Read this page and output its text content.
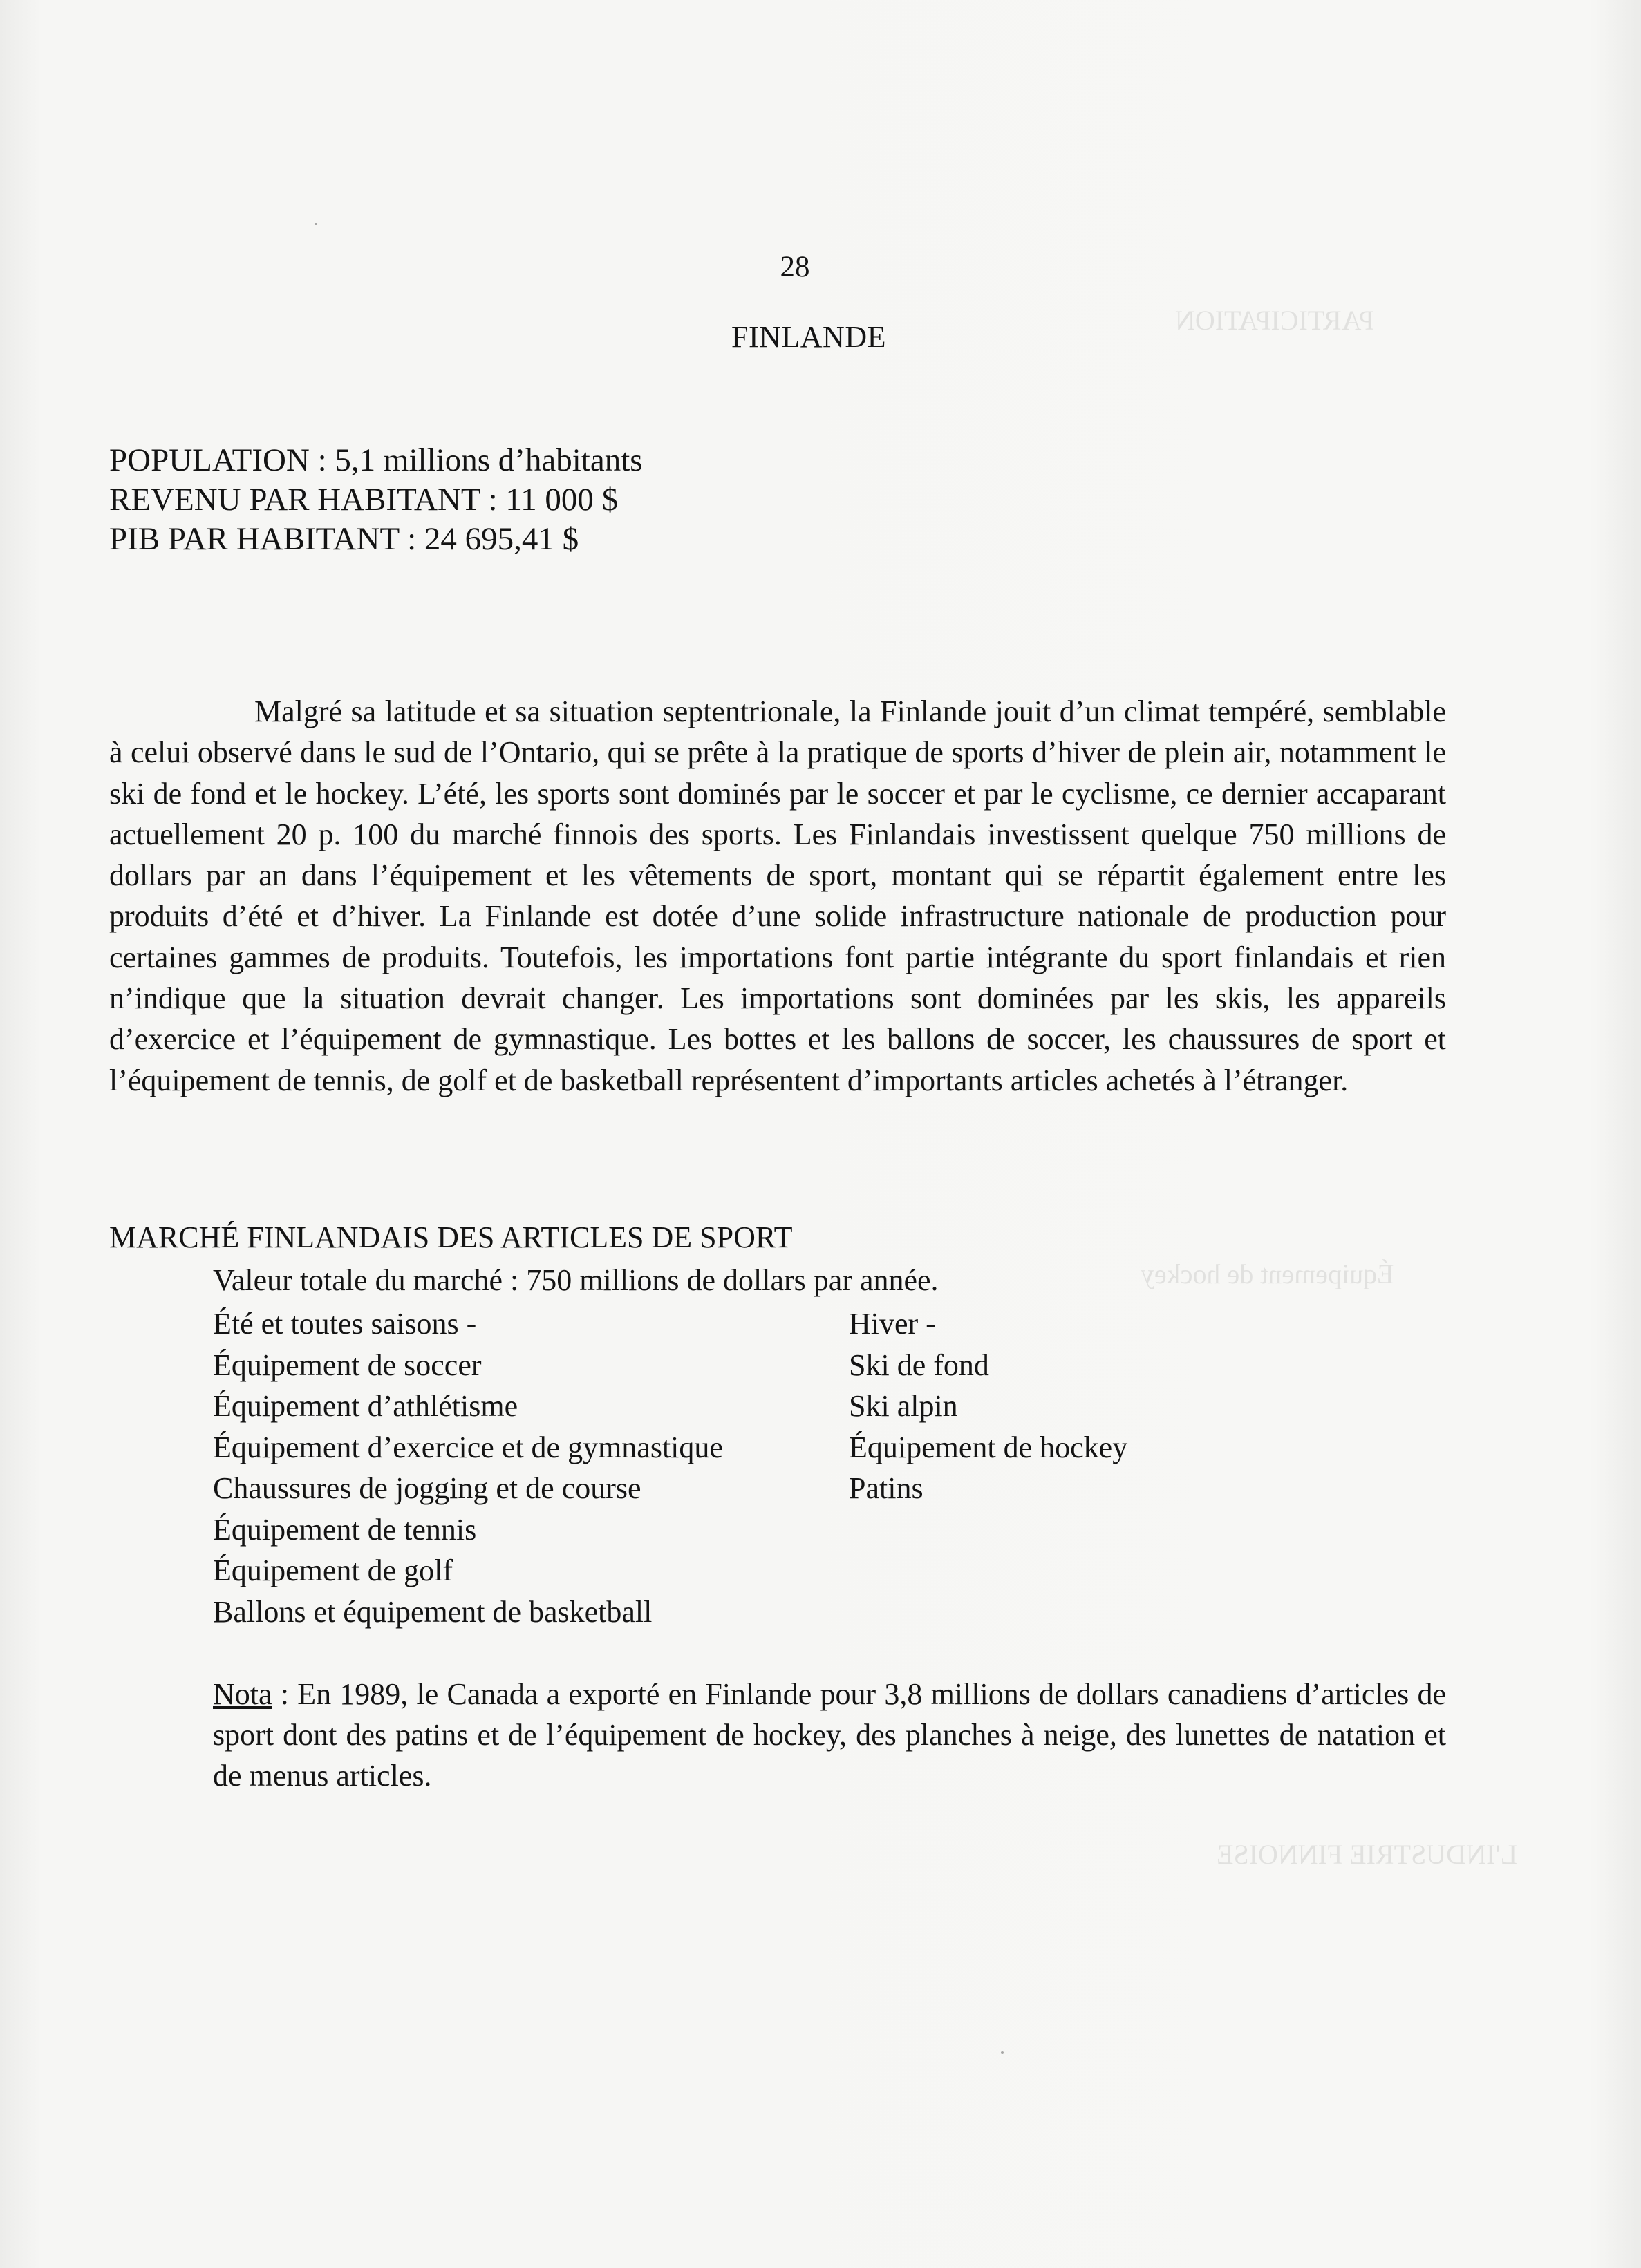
PARTICIPATION
Équipement de hockey
L'INDUSTRIE FINNOISE
28
FINLANDE
POPULATION : 5,1 millions d’habitants
REVENU PAR HABITANT : 11 000 $
PIB PAR HABITANT : 24 695,41 $

Malgré sa latitude et sa situation septentrionale, la Finlande jouit d’un climat tempéré, semblable à celui observé dans le sud de l’Ontario, qui se prête à la pratique de sports d’hiver de plein air, notamment le ski de fond et le hockey. L’été, les sports sont dominés par le soccer et par le cyclisme, ce dernier accaparant actuellement 20 p. 100 du marché finnois des sports. Les Finlandais investissent quelque 750 millions de dollars par an dans l’équipement et les vêtements de sport, montant qui se répartit également entre les produits d’été et d’hiver. La Finlande est dotée d’une solide infrastructure nationale de production pour certaines gammes de produits. Toutefois, les importations font partie intégrante du sport finlandais et rien n’indique que la situation devrait changer. Les importations sont dominées par les skis, les appareils d’exercice et l’équipement de gymnastique. Les bottes et les ballons de soccer, les chaussures de sport et l’équipement de tennis, de golf et de basketball représentent d’importants articles achetés à l’étranger.

MARCHÉ FINLANDAIS DES ARTICLES DE SPORT
Valeur totale du marché : 750 millions de dollars par année.
Été et toutes saisons -
Équipement de soccer
Équipement d’athlétisme
Équipement d’exercice et de gymnastique
Chaussures de jogging et de course
Équipement de tennis
Équipement de golf
Ballons et équipement de basketball
Hiver -
Ski de fond
Ski alpin
Équipement de hockey
Patins

Nota : En 1989, le Canada a exporté en Finlande pour 3,8 millions de dollars canadiens d’articles de sport dont des patins et de l’équipement de hockey, des planches à neige, des lunettes de natation et de menus articles.
